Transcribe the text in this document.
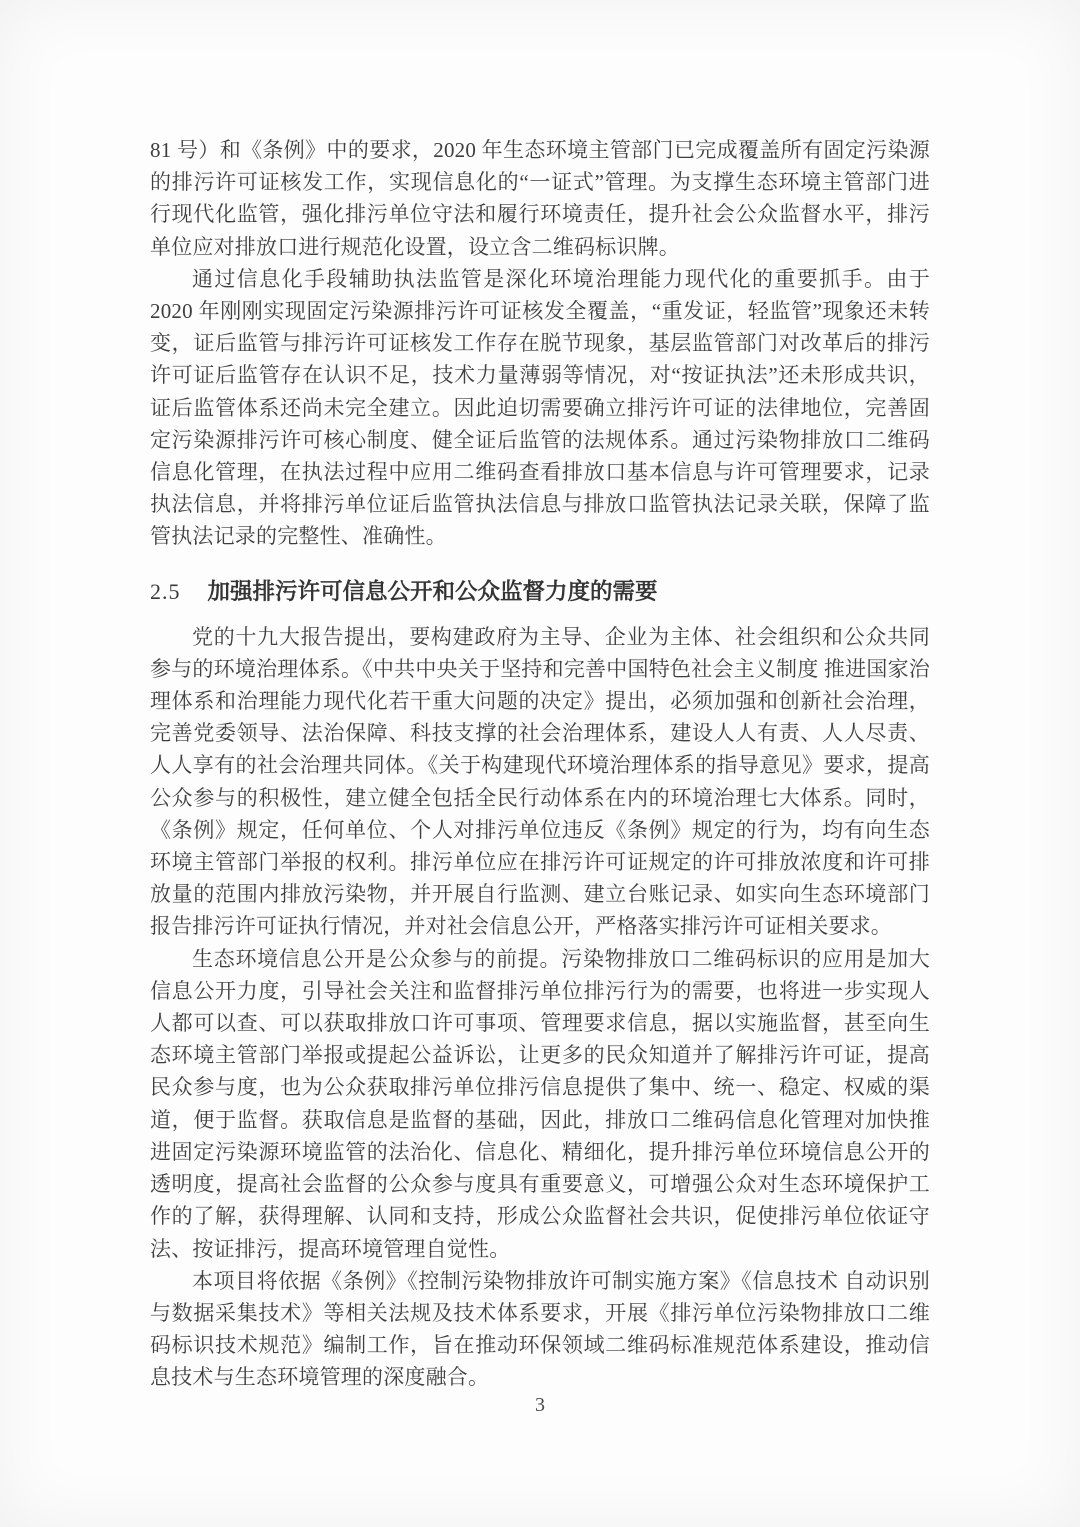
81 号）和《条例》中的要求，2020 年生态环境主管部门已完成覆盖所有固定污染源的排污许可证核发工作，实现信息化的“一证式”管理。为支撑生态环境主管部门进行现代化监管，强化排污单位守法和履行环境责任，提升社会公众监督水平，排污单位应对排放口进行规范化设置，设立含二维码标识牌。

通过信息化手段辅助执法监管是深化环境治理能力现代化的重要抓手。由于 2020 年刚刚实现固定污染源排污许可证核发全覆盖，“重发证，轻监管”现象还未转变，证后监管与排污许可证核发工作存在脱节现象，基层监管部门对改革后的排污许可证后监管存在认识不足，技术力量薄弱等情况，对“按证执法”还未形成共识，证后监管体系还尚未完全建立。因此迫切需要确立排污许可证的法律地位，完善固定污染源排污许可核心制度、健全证后监管的法规体系。通过污染物排放口二维码信息化管理，在执法过程中应用二维码查看排放口基本信息与许可管理要求，记录执法信息，并将排污单位证后监管执法信息与排放口监管执法记录关联，保障了监管执法记录的完整性、准确性。

2.5 加强排污许可信息公开和公众监督力度的需要

党的十九大报告提出，要构建政府为主导、企业为主体、社会组织和公众共同参与的环境治理体系。《中共中央关于坚持和完善中国特色社会主义制度 推进国家治理体系和治理能力现代化若干重大问题的决定》提出，必须加强和创新社会治理，完善党委领导、法治保障、科技支撑的社会治理体系，建设人人有责、人人尽责、人人享有的社会治理共同体。《关于构建现代环境治理体系的指导意见》要求，提高公众参与的积极性，建立健全包括全民行动体系在内的环境治理七大体系。同时，《条例》规定，任何单位、个人对排污单位违反《条例》规定的行为，均有向生态环境主管部门举报的权利。排污单位应在排污许可证规定的许可排放浓度和许可排放量的范围内排放污染物，并开展自行监测、建立台账记录、如实向生态环境部门报告排污许可证执行情况，并对社会信息公开，严格落实排污许可证相关要求。

生态环境信息公开是公众参与的前提。污染物排放口二维码标识的应用是加大信息公开力度，引导社会关注和监督排污单位排污行为的需要，也将进一步实现人人都可以查、可以获取排放口许可事项、管理要求信息，据以实施监督，甚至向生态环境主管部门举报或提起公益诉讼，让更多的民众知道并了解排污许可证，提高民众参与度，也为公众获取排污单位排污信息提供了集中、统一、稳定、权威的渠道，便于监督。获取信息是监督的基础，因此，排放口二维码信息化管理对加快推进固定污染源环境监管的法治化、信息化、精细化，提升排污单位环境信息公开的透明度，提高社会监督的公众参与度具有重要意义，可增强公众对生态环境保护工作的了解，获得理解、认同和支持，形成公众监督社会共识，促使排污单位依证守法、按证排污，提高环境管理自觉性。

本项目将依据《条例》《控制污染物排放许可制实施方案》《信息技术 自动识别与数据采集技术》等相关法规及技术体系要求，开展《排污单位污染物排放口二维码标识技术规范》编制工作，旨在推动环保领域二维码标准规范体系建设，推动信息技术与生态环境管理的深度融合。

3
